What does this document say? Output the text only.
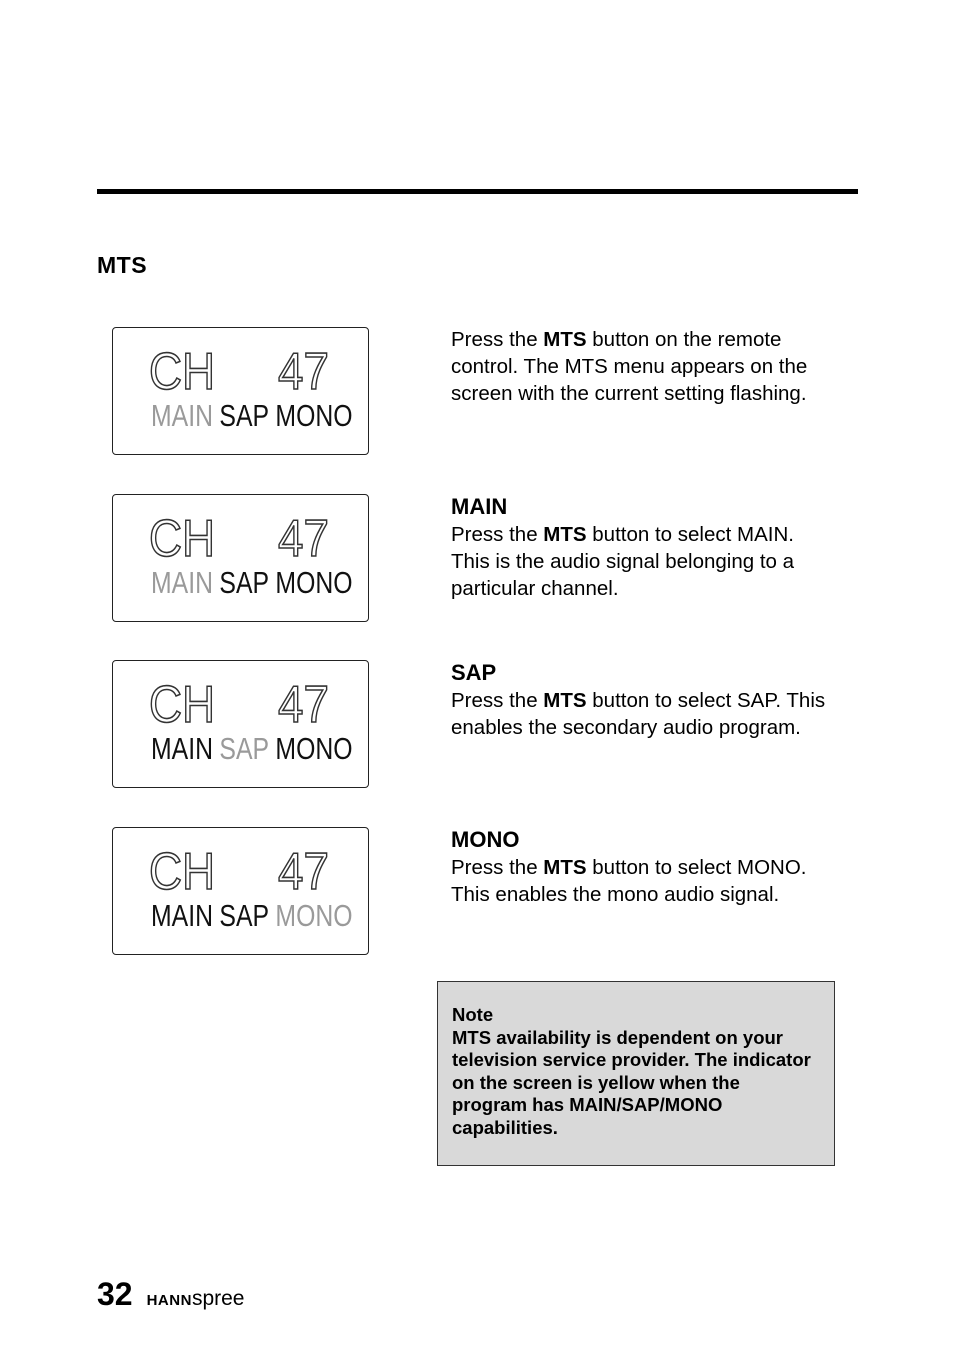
MTS
CH 47
MAIN SAP MONO

Press the MTS button on the remote control. The MTS menu appears on the screen with the current setting flashing.

CH 47
MAIN SAP MONO

MAIN
Press the MTS button to select MAIN. This is the audio signal belonging to a particular channel.

CH 47
MAIN SAP MONO

SAP
Press the MTS button to select SAP. This enables the secondary audio program.

CH 47
MAIN SAP MONO

MONO
Press the MTS button to select MONO. This enables the mono audio signal.

Note

MTS availability is dependent on your television service provider. The indicator on the screen is yellow when the program has MAIN/SAP/MONO capabilities.

32 HANN spree
